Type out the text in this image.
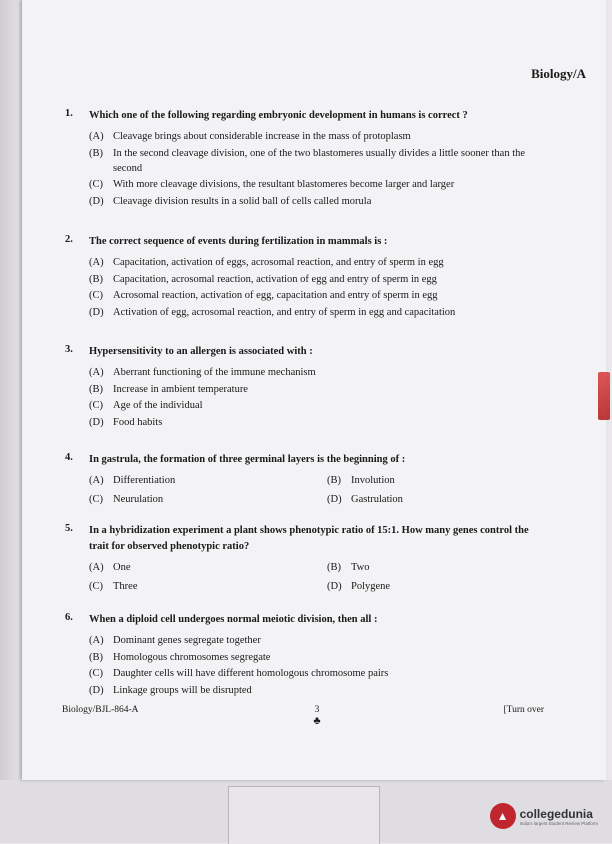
Biology/A
1.	Which one of the following regarding embryonic development in humans is correct ?
(A) Cleavage brings about considerable increase in the mass of protoplasm
(B) In the second cleavage division, one of the two blastomeres usually divides a little sooner than the second
(C) With more cleavage divisions, the resultant blastomeres become larger and larger
(D) Cleavage division results in a solid ball of cells called morula
2.	The correct sequence of events during fertilization in mammals is :
(A) Capacitation, activation of eggs, acrosomal reaction, and entry of sperm in egg
(B) Capacitation, acrosomal reaction, activation of egg and entry of sperm in egg
(C) Acrosomal reaction, activation of egg, capacitation and entry of sperm in egg
(D) Activation of egg, acrosomal reaction, and entry of sperm in egg and capacitation
3.	Hypersensitivity to an allergen is associated with :
(A) Aberrant functioning of the immune mechanism
(B) Increase in ambient temperature
(C) Age of the individual
(D) Food habits
4.	In gastrula, the formation of three germinal layers is the beginning of :
(A) Differentiation	(B) Involution
(C) Neurulation	(D) Gastrulation
5.	In a hybridization experiment a plant shows phenotypic ratio of 15:1. How many genes control the trait for observed phenotypic ratio?
(A) One	(B) Two
(C) Three	(D) Polygene
6.	When a diploid cell undergoes normal meiotic division, then all :
(A) Dominant genes segregate together
(B) Homologous chromosomes segregate
(C) Daughter cells will have different homologous chromosome pairs
(D) Linkage groups will be disrupted
Biology/BJL-864-A	3
♣
[Turn over
▲ collegedunia
India's largest Student Review Platform
